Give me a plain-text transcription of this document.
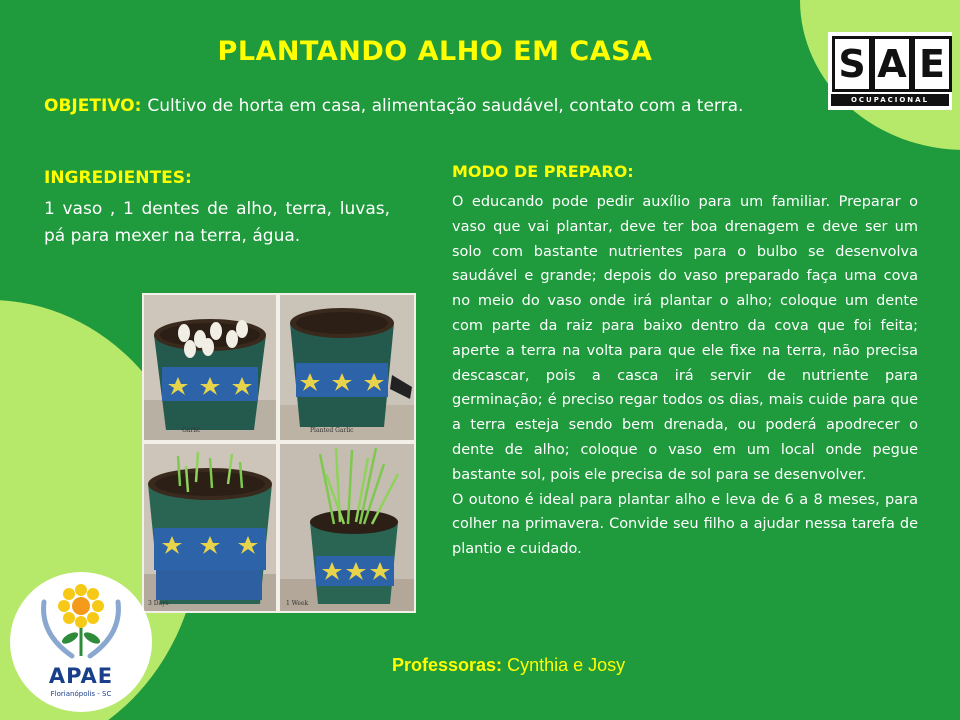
PLANTANDO ALHO EM CASA
OBJETIVO: Cultivo de horta em casa, alimentação saudável, contato com a terra.
INGREDIENTES:
1 vaso , 1 dentes de alho, terra, luvas, pá para mexer na terra, água.
MODO DE PREPARO:

O educando pode pedir auxílio para um familiar. Preparar o vaso que vai plantar, deve ter boa drenagem e deve ser um solo com bastante nutrientes para o bulbo se desenvolva saudável e grande; depois do vaso preparado faça uma cova no meio do vaso onde irá plantar o alho; coloque um dente com parte da raiz para baixo dentro da cova que foi feita; aperte a terra na volta para que ele fixe na terra, não precisa descascar, pois a casca irá servir de nutriente para germinação; é preciso regar todos os dias, mais cuide para que a terra esteja sendo bem drenada, ou poderá apodrecer o dente de alho; coloque o vaso em um local onde pegue bastante sol, pois ele precisa de sol para se desenvolver.

O outono é ideal para plantar alho e leva de 6 a 8 meses, para colher na primavera. Convide seu filho a ajudar nessa tarefa de plantio e cuidado.

Garlic	Planted Garlic
3 Days	1 Week
S A E
OCUPACIONAL
APAE
Florianópolis - SC
Professoras: Cynthia e Josy
